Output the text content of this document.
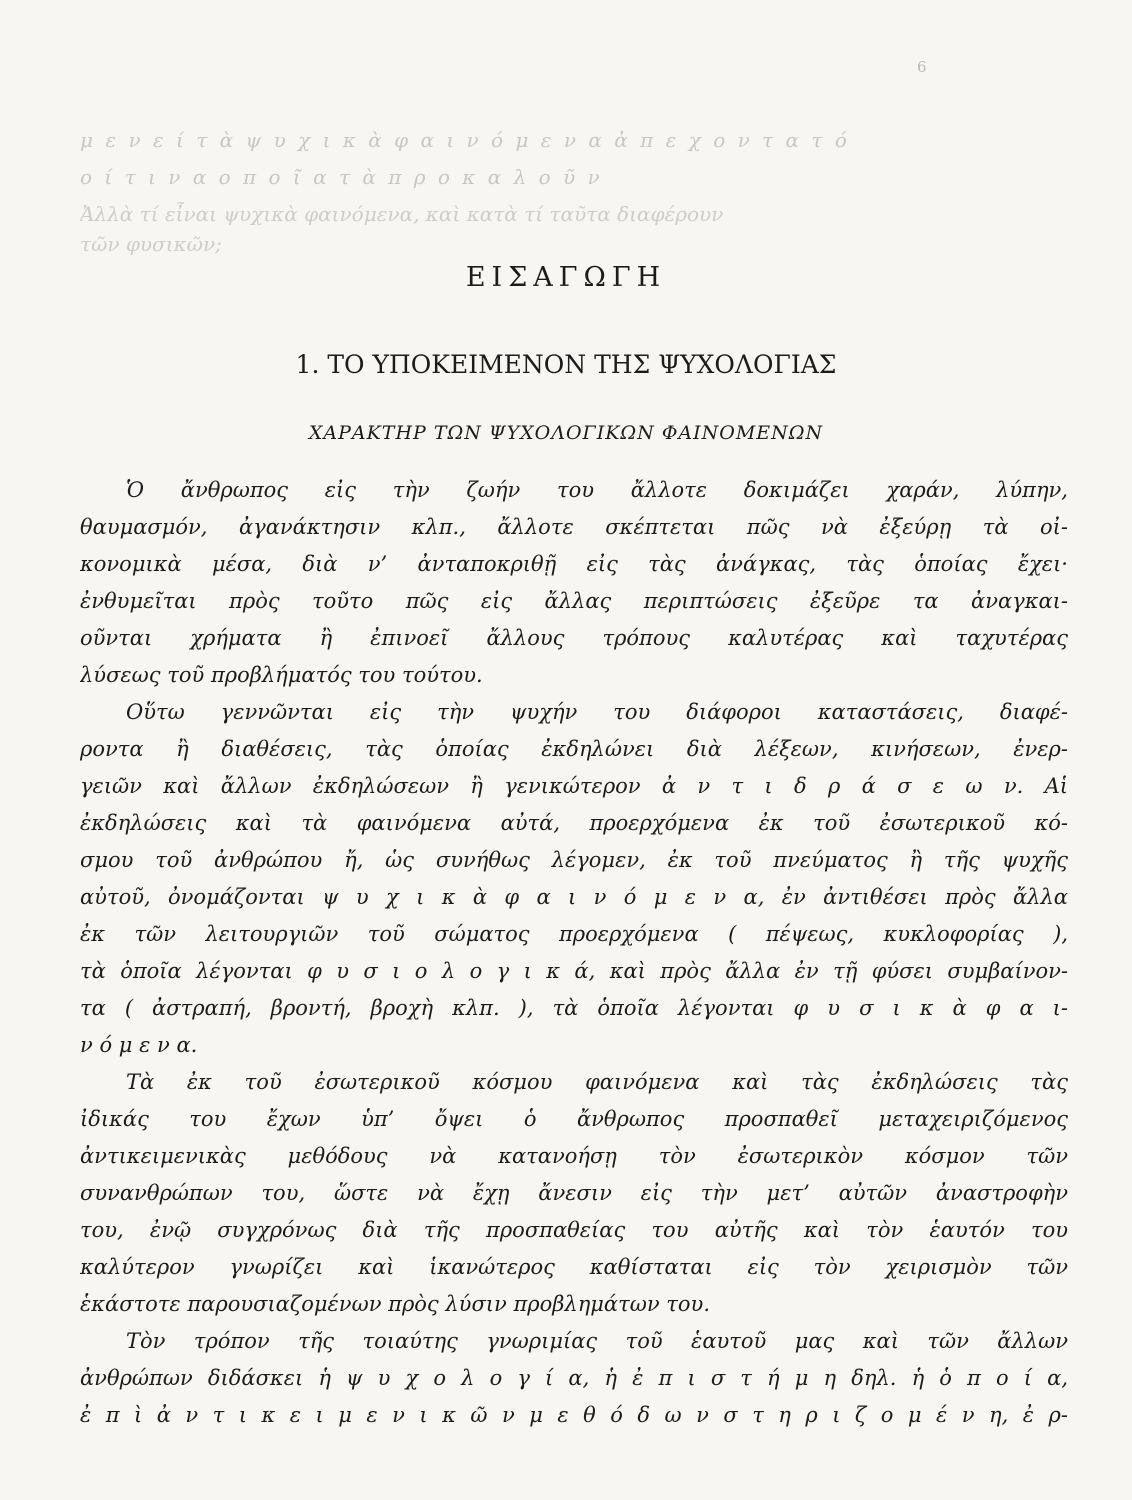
6
μ ε ν ε ί τ ὰ ψ υ χ ι κ ὰ φ α ι ν ό μ ε ν α ἀ π ε χ ο ν τ α τ ό
ο ί τ ι ν α ο π ο ῖ α τ ὰ π ρ ο κ α λ ο ῦ ν
Ἀλλὰ τί εἶναι ψυχικὰ φαινόμενα, καὶ κατὰ τί ταῦτα διαφέρουν
τῶν φυσικῶν;
ΕΙΣΑΓΩΓΗ
1. ΤΟ ΥΠΟΚΕΙΜΕΝΟΝ ΤΗΣ ΨΥΧΟΛΟΓΙΑΣ
ΧΑΡΑΚΤΗΡ ΤΩΝ ΨΥΧΟΛΟΓΙΚΩΝ ΦΑΙΝΟΜΕΝΩΝ
Ὁ ἄνθρωπος εἰς τὴν ζωήν του ἄλλοτε δοκιμάζει χαράν, λύπην,
θαυμασμόν, ἀγανάκτησιν κλπ., ἄλλοτε σκέπτεται πῶς νὰ ἐξεύρῃ τὰ οἰ-
κονομικὰ μέσα, διὰ ν’ ἀνταποκριθῇ εἰς τὰς ἀνάγκας, τὰς ὁποίας ἔχει·
ἐνθυμεῖται πρὸς τοῦτο πῶς εἰς ἄλλας περιπτώσεις ἐξεῦρε τα ἀναγκαι-
οῦνται χρήματα ἢ ἐπινοεῖ ἄλλους τρόπους καλυτέρας καὶ ταχυτέρας
λύσεως τοῦ προβλήματός του τούτου.
Οὕτω γεννῶνται εἰς τὴν ψυχήν του διάφοροι καταστάσεις, διαφέ-
ροντα ἢ διαθέσεις, τὰς ὁποίας ἐκδηλώνει διὰ λέξεων, κινήσεων, ἐνερ-
γειῶν καὶ ἄλλων ἐκδηλώσεων ἢ γενικώτερον ἀ ν τ ι δ ρ ά σ ε ω ν. Αἱ
ἐκδηλώσεις καὶ τὰ φαινόμενα αὐτά, προερχόμενα ἐκ τοῦ ἐσωτερικοῦ κό-
σμου τοῦ ἀνθρώπου ἤ, ὡς συνήθως λέγομεν, ἐκ τοῦ πνεύματος ἢ τῆς ψυχῆς
αὐτοῦ, ὀνομάζονται ψ υ χ ι κ ὰ φ α ι ν ό μ ε ν α, ἐν ἀντιθέσει πρὸς ἄλλα
ἐκ τῶν λειτουργιῶν τοῦ σώματος προερχόμενα ( πέψεως, κυκλοφορίας ),
τὰ ὁποῖα λέγονται φ υ σ ι ο λ ο γ ι κ ά, καὶ πρὸς ἄλλα ἐν τῇ φύσει συμβαίνον-
τα ( ἀστραπή, βροντή, βροχὴ κλπ. ), τὰ ὁποῖα λέγονται φ υ σ ι κ ὰ φ α ι-
ν ό μ ε ν α.
Τὰ ἐκ τοῦ ἐσωτερικοῦ κόσμου φαινόμενα καὶ τὰς ἐκδηλώσεις τὰς
ἰδικάς του ἔχων ὑπ’ ὄψει ὁ ἄνθρωπος προσπαθεῖ μεταχειριζόμενος
ἀντικειμενικὰς μεθόδους νὰ κατανοήσῃ τὸν ἐσωτερικὸν κόσμον τῶν
συνανθρώπων του, ὥστε νὰ ἔχῃ ἄνεσιν εἰς τὴν μετ’ αὐτῶν ἀναστροφὴν
του, ἐνῷ συγχρόνως διὰ τῆς προσπαθείας του αὐτῆς καὶ τὸν ἑαυτόν του
καλύτερον γνωρίζει καὶ ἱκανώτερος καθίσταται εἰς τὸν χειρισμὸν τῶν
ἑκάστοτε παρουσιαζομένων πρὸς λύσιν προβλημάτων του.
Τὸν τρόπον τῆς τοιαύτης γνωριμίας τοῦ ἑαυτοῦ μας καὶ τῶν ἄλλων
ἀνθρώπων διδάσκει ἡ ψ υ χ ο λ ο γ ί α, ἡ ἐ π ι σ τ ή μ η δηλ. ἡ ὁ π ο ί α,
ἐ π ὶ ἀ ν τ ι κ ε ι μ ε ν ι κ ῶ ν μ ε θ ό δ ω ν σ τ η ρ ι ζ ο μ έ ν η, ἐ ρ-
